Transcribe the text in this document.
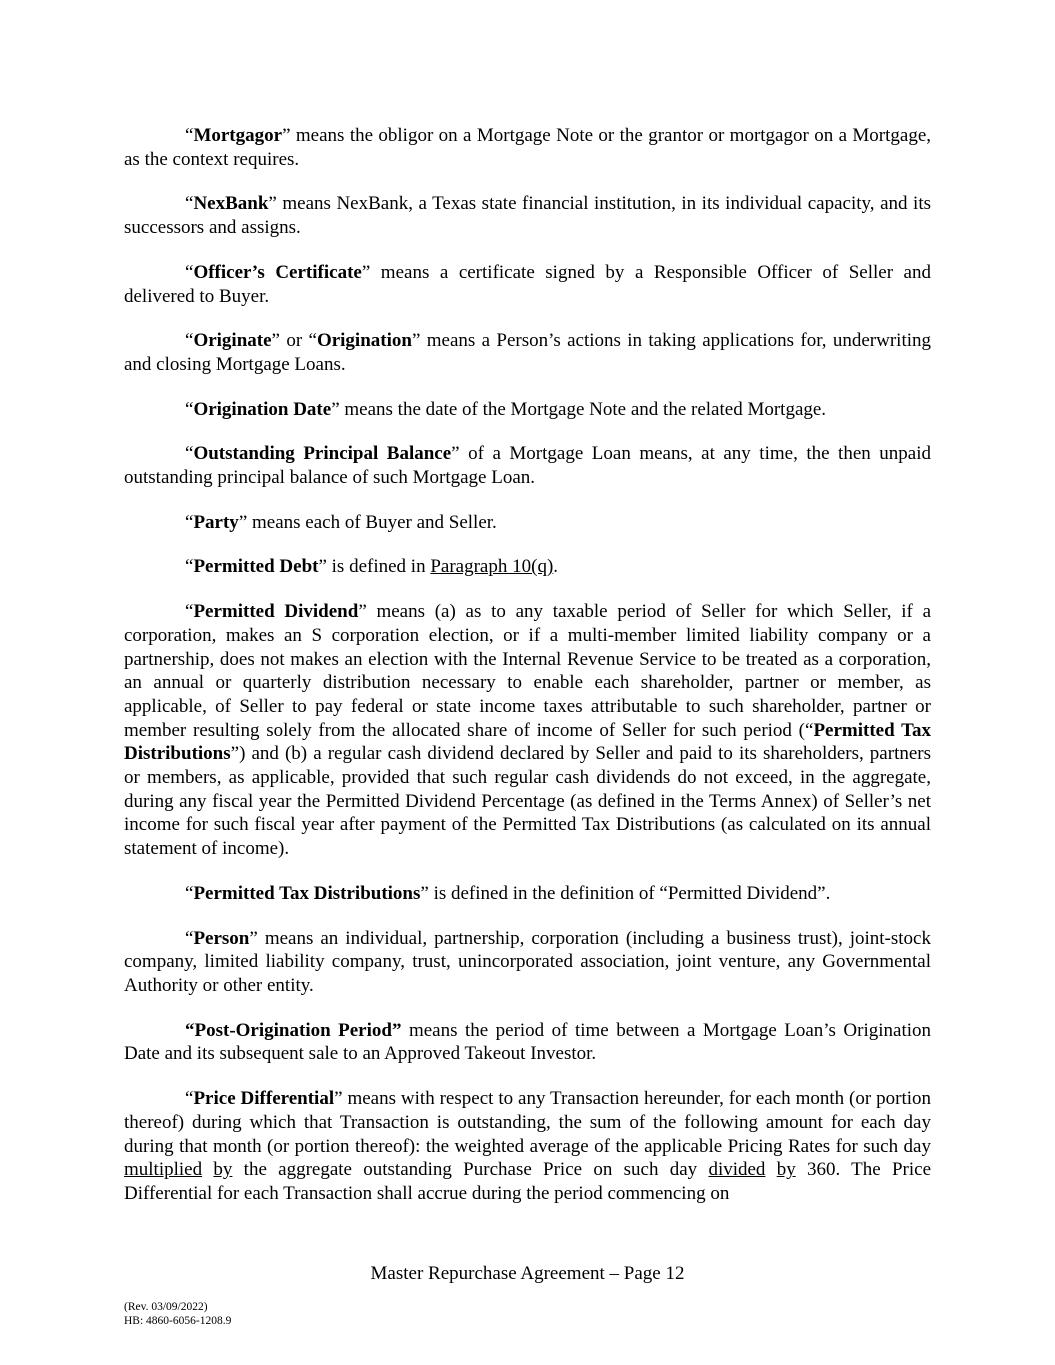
“Mortgagor” means the obligor on a Mortgage Note or the grantor or mortgagor on a Mortgage, as the context requires.

“NexBank” means NexBank, a Texas state financial institution, in its individual capacity, and its successors and assigns.

“Officer’s Certificate” means a certificate signed by a Responsible Officer of Seller and delivered to Buyer.

“Originate” or “Origination” means a Person’s actions in taking applications for, underwriting and closing Mortgage Loans.

“Origination Date” means the date of the Mortgage Note and the related Mortgage.

“Outstanding Principal Balance” of a Mortgage Loan means, at any time, the then unpaid outstanding principal balance of such Mortgage Loan.

“Party” means each of Buyer and Seller.

“Permitted Debt” is defined in Paragraph 10(q).

“Permitted Dividend” means (a) as to any taxable period of Seller for which Seller, if a corporation, makes an S corporation election, or if a multi-member limited liability company or a partnership, does not makes an election with the Internal Revenue Service to be treated as a corporation, an annual or quarterly distribution necessary to enable each shareholder, partner or member, as applicable, of Seller to pay federal or state income taxes attributable to such shareholder, partner or member resulting solely from the allocated share of income of Seller for such period (“Permitted Tax Distributions”) and (b) a regular cash dividend declared by Seller and paid to its shareholders, partners or members, as applicable, provided that such regular cash dividends do not exceed, in the aggregate, during any fiscal year the Permitted Dividend Percentage (as defined in the Terms Annex) of Seller’s net income for such fiscal year after payment of the Permitted Tax Distributions (as calculated on its annual statement of income).

“Permitted Tax Distributions” is defined in the definition of “Permitted Dividend”.

“Person” means an individual, partnership, corporation (including a business trust), joint-stock company, limited liability company, trust, unincorporated association, joint venture, any Governmental Authority or other entity.

“Post-Origination Period” means the period of time between a Mortgage Loan’s Origination Date and its subsequent sale to an Approved Takeout Investor.

“Price Differential” means with respect to any Transaction hereunder, for each month (or portion thereof) during which that Transaction is outstanding, the sum of the following amount for each day during that month (or portion thereof): the weighted average of the applicable Pricing Rates for such day multiplied by the aggregate outstanding Purchase Price on such day divided by 360. The Price Differential for each Transaction shall accrue during the period commencing on

Master Repurchase Agreement – Page 12
(Rev. 03/09/2022)
HB: 4860-6056-1208.9
